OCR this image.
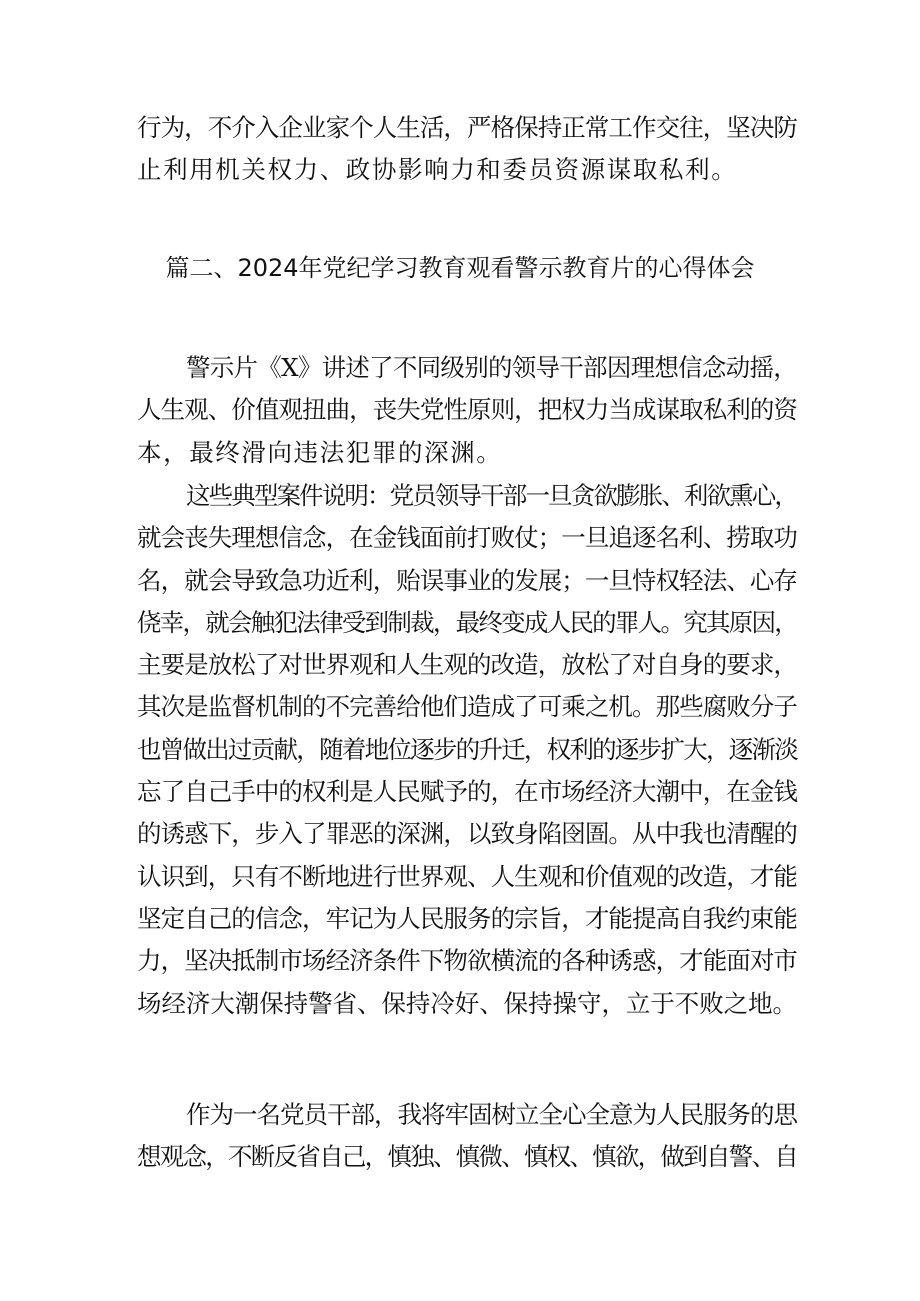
行为，不介入企业家个人生活，严格保持正常工作交往，坚决防
止利用机关权力、政协影响力和委员资源谋取私利。
篇二、2024年党纪学习教育观看警示教育片的心得体会
警示片《X》讲述了不同级别的领导干部因理想信念动摇，
人生观、价值观扭曲，丧失党性原则，把权力当成谋取私利的资
本，最终滑向违法犯罪的深渊。
这些典型案件说明：党员领导干部一旦贪欲膨胀、利欲熏心，
就会丧失理想信念，在金钱面前打败仗；一旦追逐名利、捞取功
名，就会导致急功近利，贻误事业的发展；一旦恃权轻法、心存
侥幸，就会触犯法律受到制裁，最终变成人民的罪人。究其原因，
主要是放松了对世界观和人生观的改造，放松了对自身的要求，
其次是监督机制的不完善给他们造成了可乘之机。那些腐败分子
也曾做出过贡献，随着地位逐步的升迁，权利的逐步扩大，逐渐淡
忘了自己手中的权利是人民赋予的，在市场经济大潮中，在金钱
的诱惑下，步入了罪恶的深渊，以致身陷囹圄。从中我也清醒的
认识到，只有不断地进行世界观、人生观和价值观的改造，才能
坚定自己的信念，牢记为人民服务的宗旨，才能提高自我约束能
力，坚决抵制市场经济条件下物欲横流的各种诱惑，才能面对市
场经济大潮保持警省、保持冷好、保持操守，立于不败之地。
作为一名党员干部，我将牢固树立全心全意为人民服务的思
想观念，不断反省自己，慎独、慎微、慎权、慎欲，做到自警、自
